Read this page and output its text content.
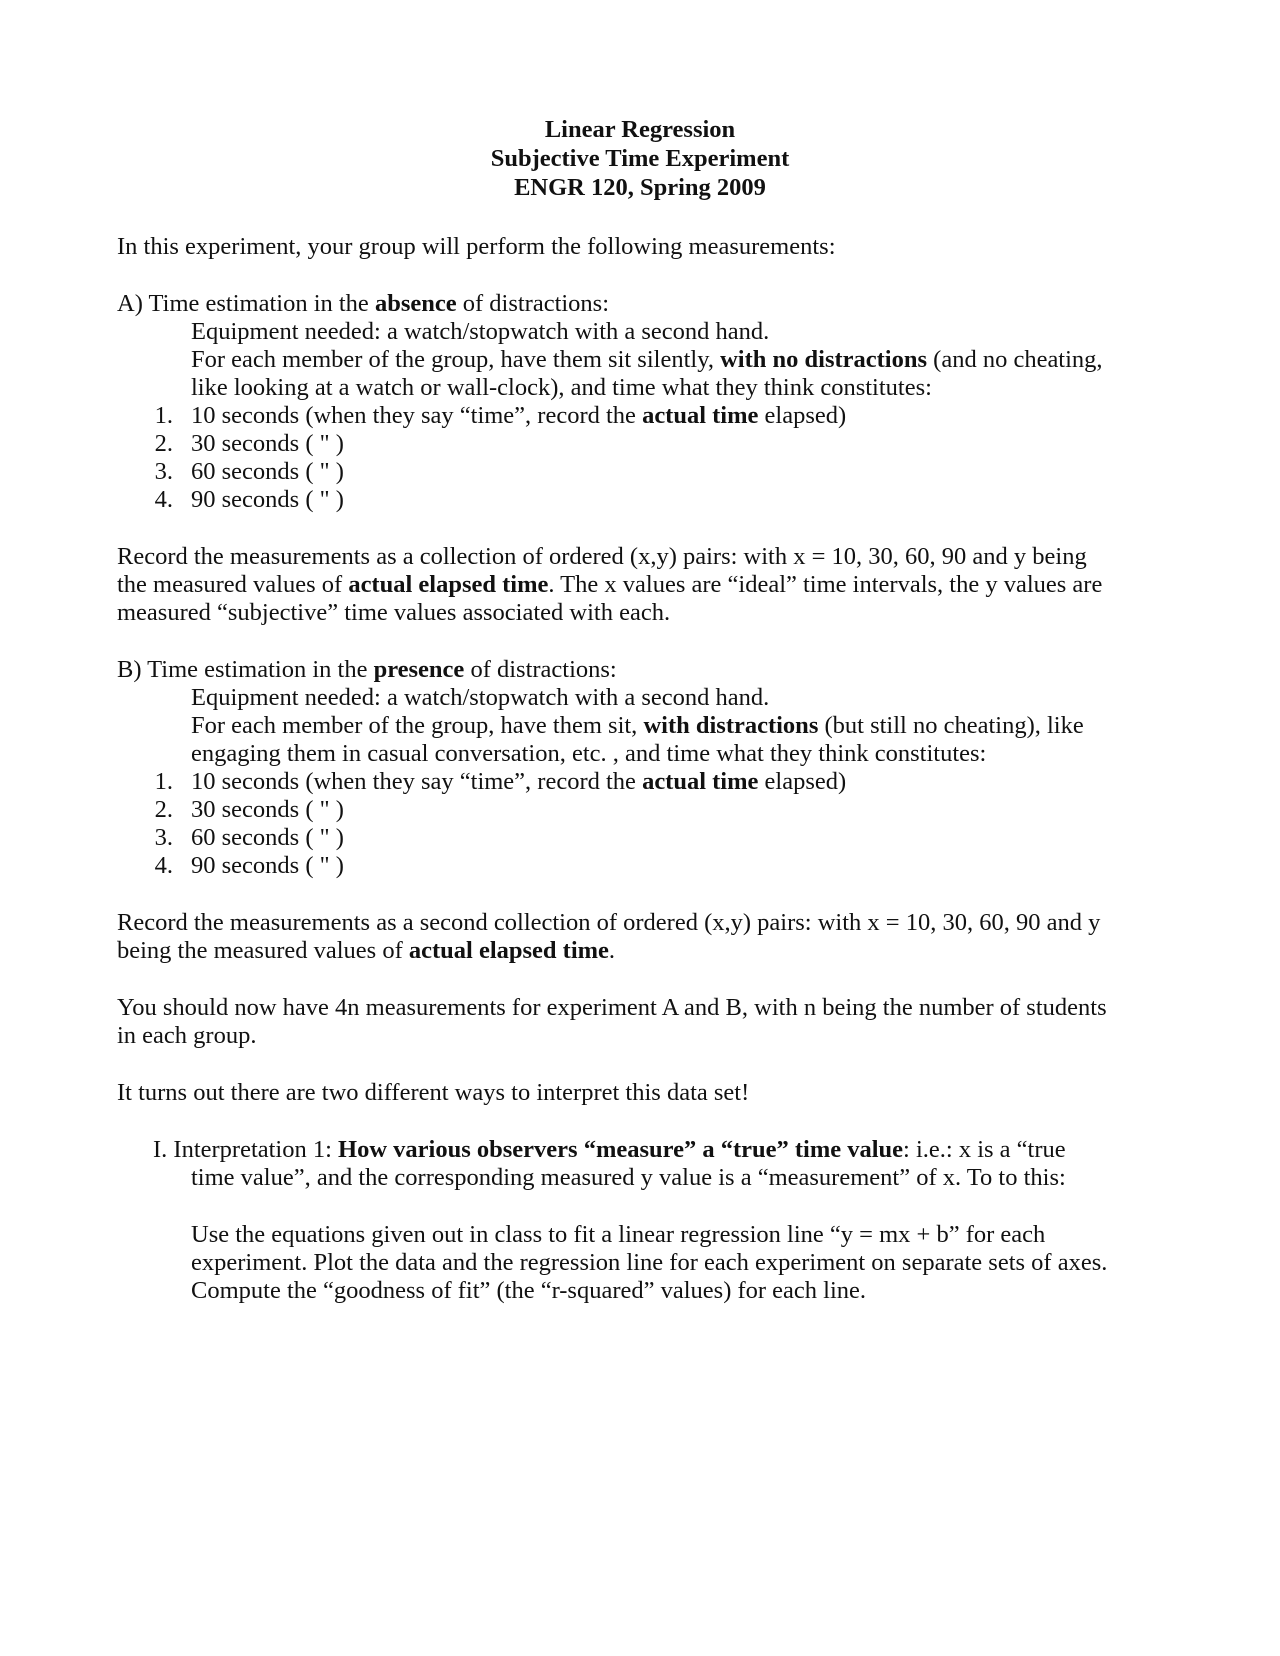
Linear Regression
Subjective Time Experiment
ENGR 120, Spring 2009
In this experiment, your group will perform the following measurements:
A) Time estimation in the absence of distractions:
Equipment needed: a watch/stopwatch with a second hand.
For each member of the group, have them sit silently, with no distractions (and no cheating,
like looking at a watch or wall-clock), and time what they think constitutes:
1. 10 seconds (when they say “time”, record the actual time elapsed)
2. 30 seconds ( " )
3. 60 seconds ( " )
4. 90 seconds ( " )
Record the measurements as a collection of ordered (x,y) pairs: with x = 10, 30, 60, 90 and y being
the measured values of actual elapsed time. The x values are “ideal” time intervals, the y values are
measured “subjective” time values associated with each.
B) Time estimation in the presence of distractions:
Equipment needed: a watch/stopwatch with a second hand.
For each member of the group, have them sit, with distractions (but still no cheating), like
engaging them in casual conversation, etc. , and time what they think constitutes:
1. 10 seconds (when they say “time”, record the actual time elapsed)
2. 30 seconds ( " )
3. 60 seconds ( " )
4. 90 seconds ( " )
Record the measurements as a second collection of ordered (x,y) pairs: with x = 10, 30, 60, 90 and y
being the measured values of actual elapsed time.
You should now have 4n measurements for experiment A and B, with n being the number of students
in each group.
It turns out there are two different ways to interpret this data set!
I. Interpretation 1: How various observers “measure” a “true” time value: i.e.: x is a “true
time value”, and the corresponding measured y value is a “measurement” of x. To to this:
Use the equations given out in class to fit a linear regression line “y = mx + b” for each
experiment. Plot the data and the regression line for each experiment on separate sets of axes.
Compute the “goodness of fit” (the “r-squared” values) for each line.
